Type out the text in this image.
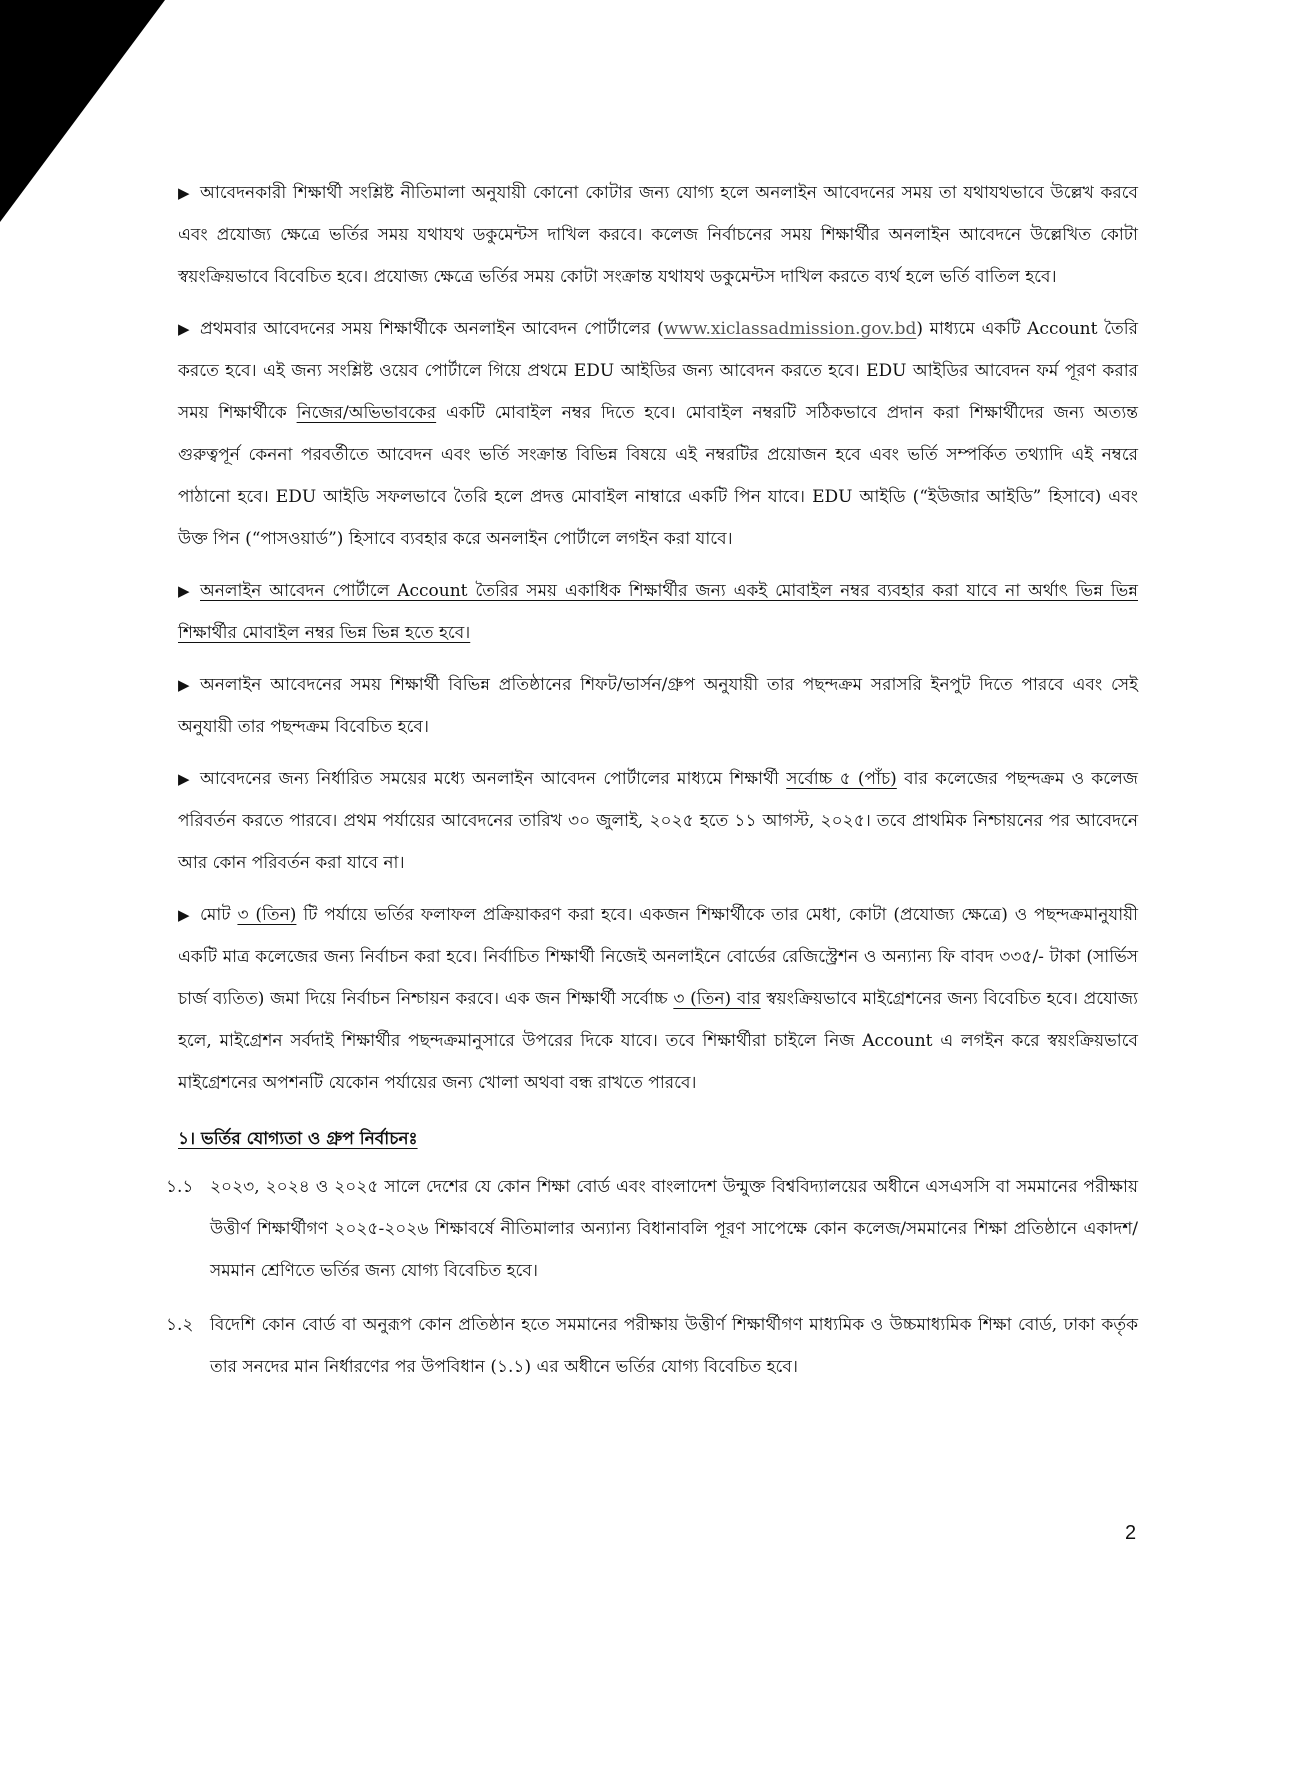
▶ আবেদনকারী শিক্ষার্থী সংশ্লিষ্ট নীতিমালা অনুযায়ী কোনো কোটার জন্য যোগ্য হলে অনলাইন আবেদনের সময় তা যথাযথভাবে উল্লেখ করবে এবং প্রযোজ্য ক্ষেত্রে ভর্তির সময় যথাযথ ডকুমেন্টস দাখিল করবে। কলেজ নির্বাচনের সময় শিক্ষার্থীর অনলাইন আবেদনে উল্লেখিত কোটা স্বয়ংক্রিয়ভাবে বিবেচিত হবে। প্রযোজ্য ক্ষেত্রে ভর্তির সময় কোটা সংক্রান্ত যথাযথ ডকুমেন্টস দাখিল করতে ব্যর্থ হলে ভর্তি বাতিল হবে।

▶ প্রথমবার আবেদনের সময় শিক্ষার্থীকে অনলাইন আবেদন পোর্টালের (www.xiclassadmission.gov.bd) মাধ্যমে একটি Account তৈরি করতে হবে। এই জন্য সংশ্লিষ্ট ওয়েব পোর্টালে গিয়ে প্রথমে EDU আইডির জন্য আবেদন করতে হবে। EDU আইডির আবেদন ফর্ম পূরণ করার সময় শিক্ষার্থীকে নিজের/অভিভাবকের একটি মোবাইল নম্বর দিতে হবে। মোবাইল নম্বরটি সঠিকভাবে প্রদান করা শিক্ষার্থীদের জন্য অত্যন্ত গুরুত্বপূর্ন কেননা পরবর্তীতে আবেদন এবং ভর্তি সংক্রান্ত বিভিন্ন বিষয়ে এই নম্বরটির প্রয়োজন হবে এবং ভর্তি সম্পর্কিত তথ্যাদি এই নম্বরে পাঠানো হবে। EDU আইডি সফলভাবে তৈরি হলে প্রদত্ত মোবাইল নাম্বারে একটি পিন যাবে। EDU আইডি (“ইউজার আইডি” হিসাবে) এবং উক্ত পিন (“পাসওয়ার্ড”) হিসাবে ব্যবহার করে অনলাইন পোর্টালে লগইন করা যাবে।

▶ অনলাইন আবেদন পোর্টালে Account তৈরির সময় একাধিক শিক্ষার্থীর জন্য একই মোবাইল নম্বর ব্যবহার করা যাবে না অর্থাৎ ভিন্ন ভিন্ন শিক্ষার্থীর মোবাইল নম্বর ভিন্ন ভিন্ন হতে হবে।

▶ অনলাইন আবেদনের সময় শিক্ষার্থী বিভিন্ন প্রতিষ্ঠানের শিফট/ভার্সন/গ্রুপ অনুযায়ী তার পছন্দক্রম সরাসরি ইনপুট দিতে পারবে এবং সেই অনুযায়ী তার পছন্দক্রম বিবেচিত হবে।

▶ আবেদনের জন্য নির্ধারিত সময়ের মধ্যে অনলাইন আবেদন পোর্টালের মাধ্যমে শিক্ষার্থী সর্বোচ্চ ৫ (পাঁচ) বার কলেজের পছন্দক্রম ও কলেজ পরিবর্তন করতে পারবে। প্রথম পর্যায়ের আবেদনের তারিখ ৩০ জুলাই, ২০২৫ হতে ১১ আগস্ট, ২০২৫। তবে প্রাথমিক নিশ্চায়নের পর আবেদনে আর কোন পরিবর্তন করা যাবে না।

▶ মোট ৩ (তিন) টি পর্যায়ে ভর্তির ফলাফল প্রক্রিয়াকরণ করা হবে। একজন শিক্ষার্থীকে তার মেধা, কোটা (প্রযোজ্য ক্ষেত্রে) ও পছন্দক্রমানুযায়ী একটি মাত্র কলেজের জন্য নির্বাচন করা হবে। নির্বাচিত শিক্ষার্থী নিজেই অনলাইনে বোর্ডের রেজিস্ট্রেশন ও অন্যান্য ফি বাবদ ৩৩৫/- টাকা (সার্ভিস চার্জ ব্যতিত) জমা দিয়ে নির্বাচন নিশ্চায়ন করবে। এক জন শিক্ষার্থী সর্বোচ্চ ৩ (তিন) বার স্বয়ংক্রিয়ভাবে মাইগ্রেশনের জন্য বিবেচিত হবে। প্রযোজ্য হলে, মাইগ্রেশন সর্বদাই শিক্ষার্থীর পছন্দক্রমানুসারে উপরের দিকে যাবে। তবে শিক্ষার্থীরা চাইলে নিজ Account এ লগইন করে স্বয়ংক্রিয়ভাবে মাইগ্রেশনের অপশনটি যেকোন পর্যায়ের জন্য খোলা অথবা বন্ধ রাখতে পারবে।

১। ভর্তির যোগ্যতা ও গ্রুপ নির্বাচনঃ
১.১ ২০২৩, ২০২৪ ও ২০২৫ সালে দেশের যে কোন শিক্ষা বোর্ড এবং বাংলাদেশ উন্মুক্ত বিশ্ববিদ্যালয়ের অধীনে এসএসসি বা সমমানের পরীক্ষায় উত্তীর্ণ শিক্ষার্থীগণ ২০২৫-২০২৬ শিক্ষাবর্ষে নীতিমালার অন্যান্য বিধানাবলি পূরণ সাপেক্ষে কোন কলেজ/সমমানের শিক্ষা প্রতিষ্ঠানে একাদশ/সমমান শ্রেণিতে ভর্তির জন্য যোগ্য বিবেচিত হবে।
১.২ বিদেশি কোন বোর্ড বা অনুরূপ কোন প্রতিষ্ঠান হতে সমমানের পরীক্ষায় উত্তীর্ণ শিক্ষার্থীগণ মাধ্যমিক ও উচ্চমাধ্যমিক শিক্ষা বোর্ড, ঢাকা কর্তৃক তার সনদের মান নির্ধারণের পর উপবিধান (১.১) এর অধীনে ভর্তির যোগ্য বিবেচিত হবে।
2
